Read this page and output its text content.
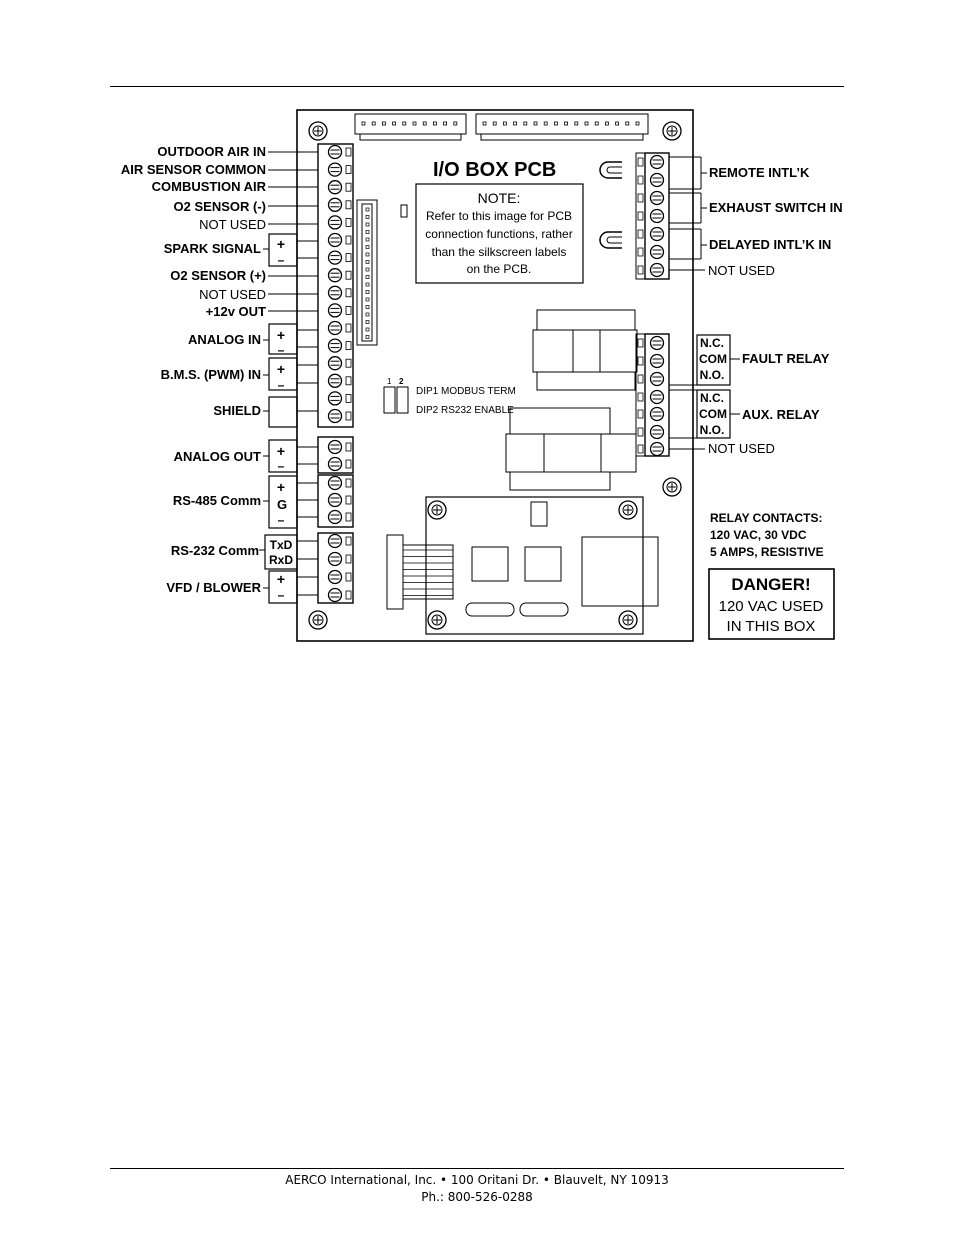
I/O BOX PCB
NOTE:
Refer to this image for PCB
connection functions, rather
than the silkscreen labels
on the PCB.
1 2
DIP1 MODBUS TERM
DIP2 RS232 ENABLE
OUTDOOR AIR IN
AIR SENSOR COMMON
COMBUSTION AIR
O2 SENSOR (-)
NOT USED
SPARK SIGNAL
O2 SENSOR (+)
NOT USED
+12v OUT
ANALOG IN
B.M.S. (PWM) IN
SHIELD
ANALOG OUT
RS-485 Comm
RS-232 Comm
VFD / BLOWER
+
–
+
–
+
–
+
–
+
G
–
TxD
RxD
+
–
REMOTE INTL’K
EXHAUST SWITCH IN
DELAYED INTL’K IN
NOT USED
FAULT RELAY
AUX. RELAY
NOT USED
N.C.
COM
N.O.
N.C.
COM
N.O.
RELAY CONTACTS:
120 VAC, 30 VDC
5 AMPS, RESISTIVE
DANGER!
120 VAC USED
IN THIS BOX
AERCO International, Inc. • 100 Oritani Dr. • Blauvelt, NY 10913
Ph.: 800-526-0288
